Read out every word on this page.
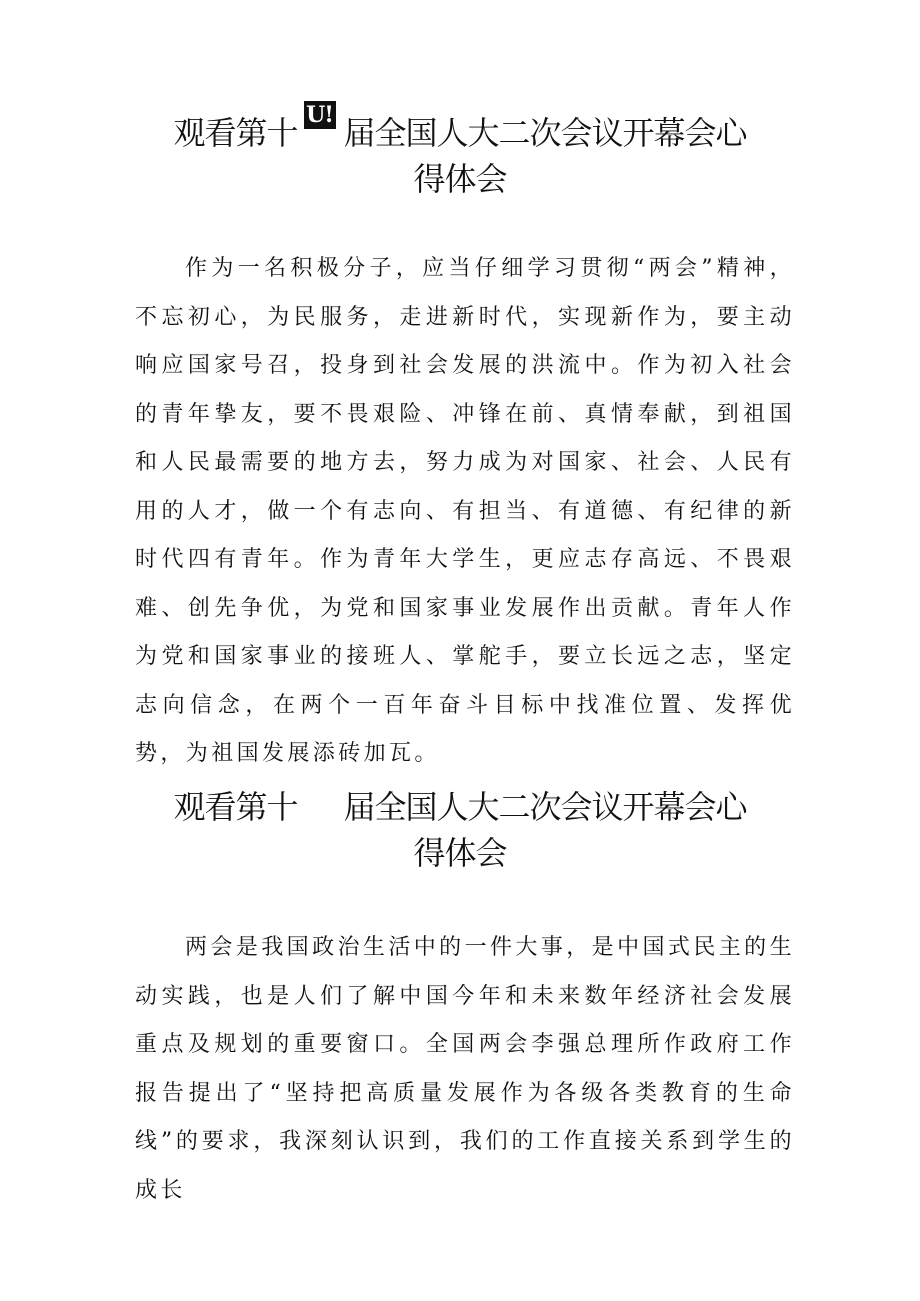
观看第十 U! 届全国人大二次会议开幕会心
得体会

作为一名积极分子，应当仔细学习贯彻“两会”精神，不忘初心，为民服务，走进新时代，实现新作为，要主动响应国家号召，投身到社会发展的洪流中。作为初入社会的青年挚友，要不畏艰险、冲锋在前、真情奉献，到祖国和人民最需要的地方去，努力成为对国家、社会、人民有用的人才，做一个有志向、有担当、有道德、有纪律的新时代四有青年。作为青年大学生，更应志存高远、不畏艰难、创先争优，为党和国家事业发展作出贡献。青年人作为党和国家事业的接班人、掌舵手，要立长远之志，坚定志向信念，在两个一百年奋斗目标中找准位置、发挥优势，为祖国发展添砖加瓦。

观看第十 届全国人大二次会议开幕会心
得体会

两会是我国政治生活中的一件大事，是中国式民主的生动实践，也是人们了解中国今年和未来数年经济社会发展重点及规划的重要窗口。全国两会李强总理所作政府工作报告提出了“坚持把高质量发展作为各级各类教育的生命线”的要求，我深刻认识到，我们的工作直接关系到学生的成长
